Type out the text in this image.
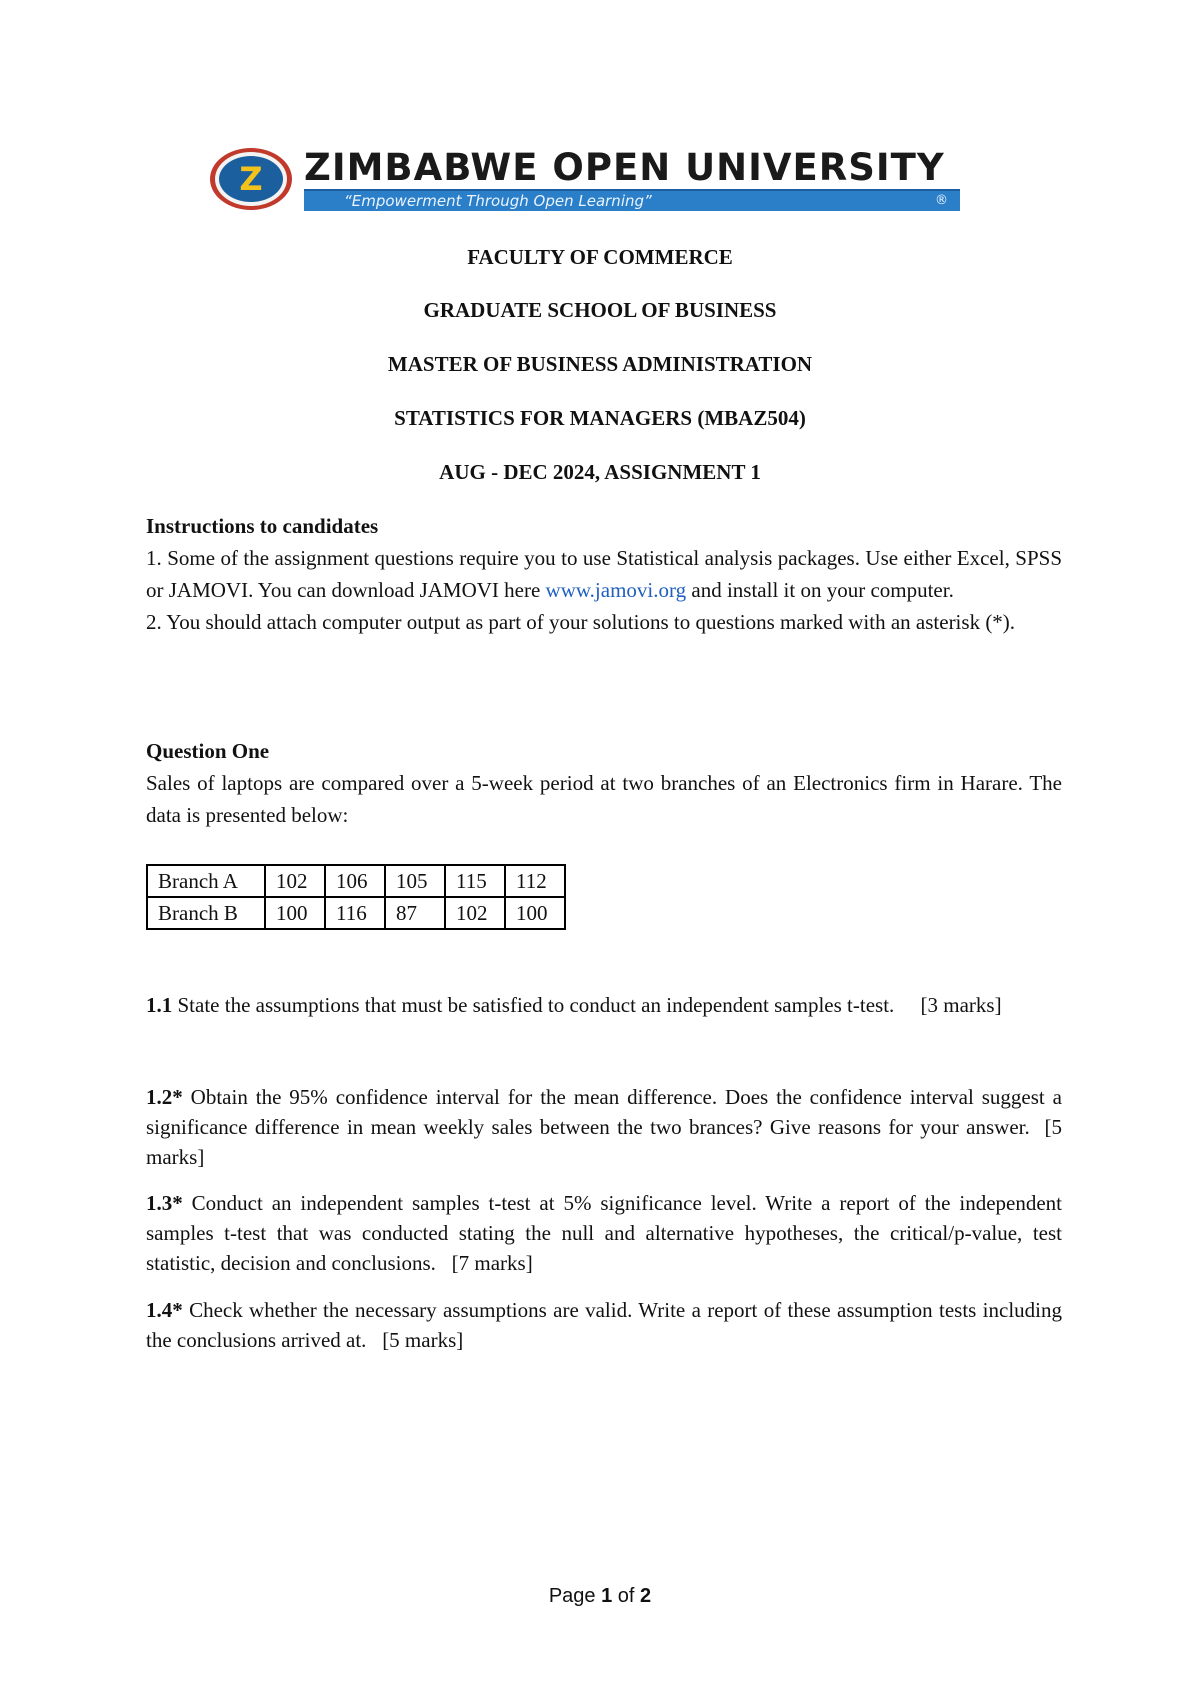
Z ZIMBABWE OPEN UNIVERSITY
“Empowerment Through Open Learning”	®
FACULTY OF COMMERCE
GRADUATE SCHOOL OF BUSINESS
MASTER OF BUSINESS ADMINISTRATION
STATISTICS FOR MANAGERS (MBAZ504)
AUG - DEC 2024, ASSIGNMENT 1

Instructions to candidates

1. Some of the assignment questions require you to use Statistical analysis packages. Use either Excel, SPSS or JAMOVI. You can download JAMOVI here www.jamovi.org and install it on your computer.

2. You should attach computer output as part of your solutions to questions marked with an asterisk (*).

Question One

Sales of laptops are compared over a 5-week period at two branches of an Electronics firm in Harare. The data is presented below:

Branch A	102	106	105	115	112
Branch B	100	116	87	102	100

1.1 State the assumptions that must be satisfied to conduct an independent samples t-test. [3 marks]

1.2* Obtain the 95% confidence interval for the mean difference. Does the confidence interval suggest a significance difference in mean weekly sales between the two brances? Give reasons for your answer. [5 marks]

1.3* Conduct an independent samples t-test at 5% significance level. Write a report of the independent samples t-test that was conducted stating the null and alternative hypotheses, the critical/p-value, test statistic, decision and conclusions. [7 marks]

1.4* Check whether the necessary assumptions are valid. Write a report of these assumption tests including the conclusions arrived at. [5 marks]

Page 1 of 2
